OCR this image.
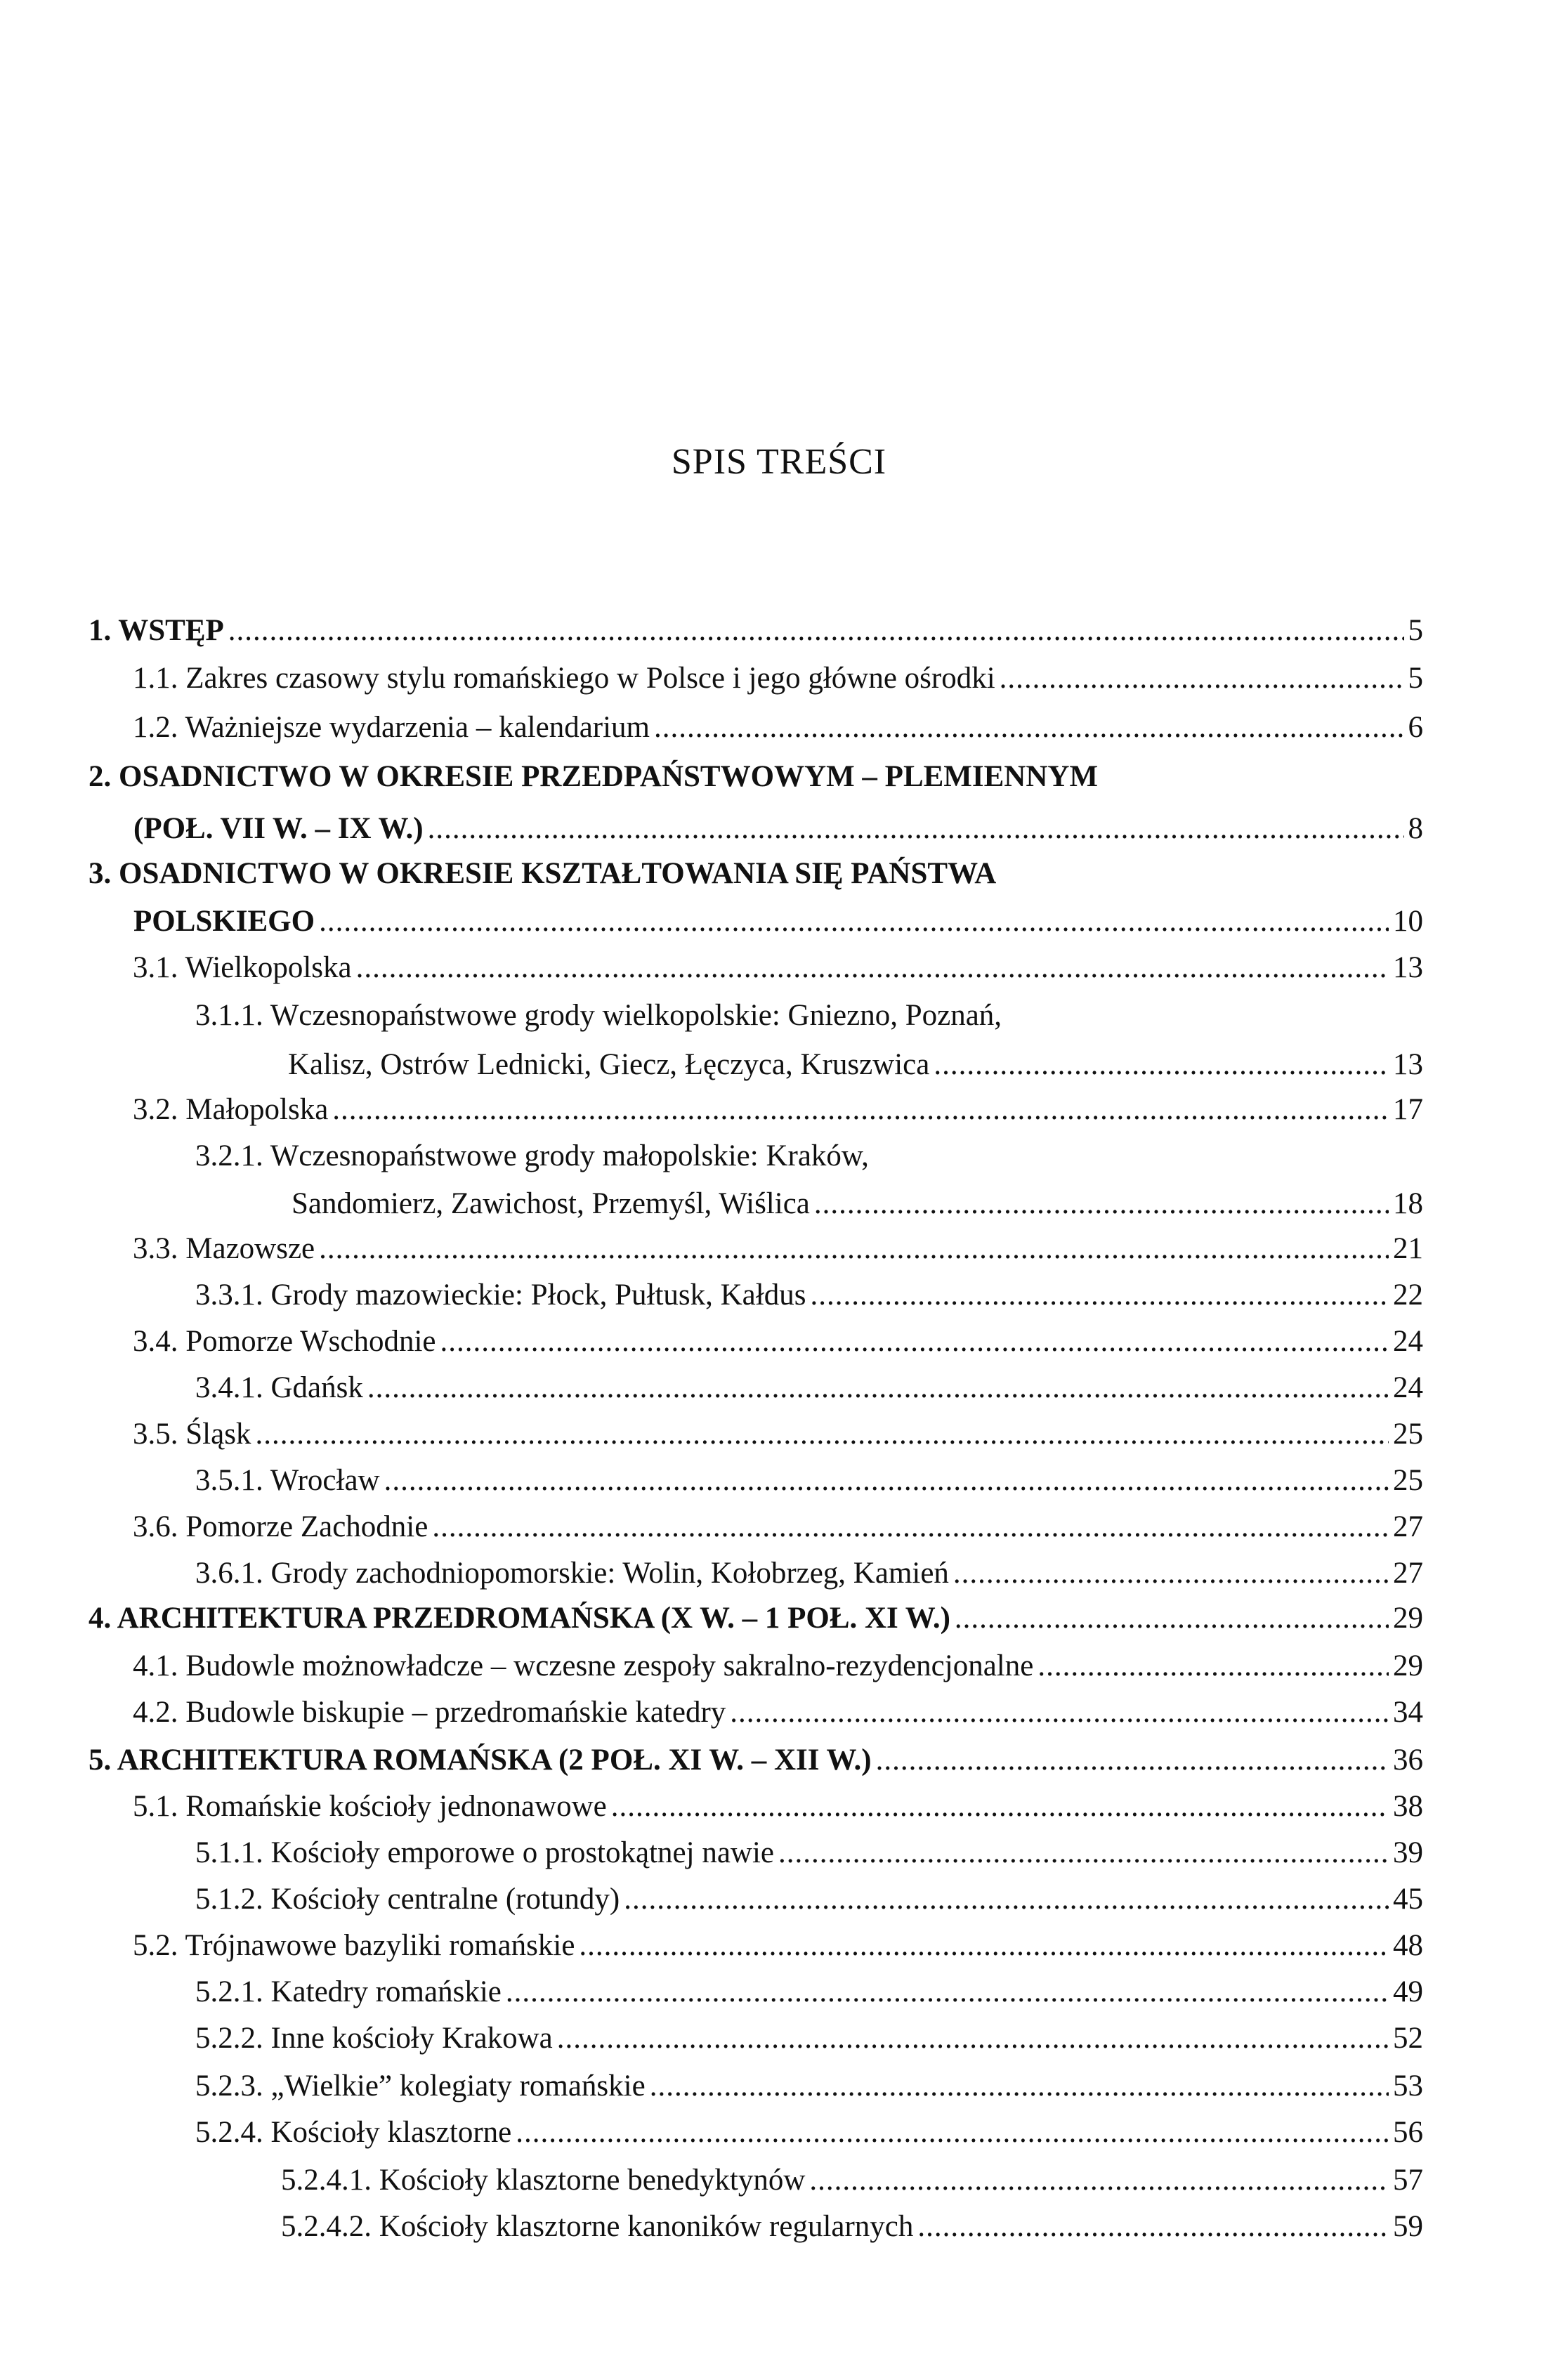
SPIS TREŚCI
1. WSTĘP .....	5
1.1. Zakres czasowy stylu romańskiego w Polsce i jego główne ośrodki .....	5
1.2. Ważniejsze wydarzenia – kalendarium .....	6
2. OSADNICTWO W OKRESIE PRZEDPAŃSTWOWYM – PLEMIENNYM
(POŁ. VII W. – IX W.) .....	8
3. OSADNICTWO W OKRESIE KSZTAŁTOWANIA SIĘ PAŃSTWA
POLSKIEGO .....	10
3.1. Wielkopolska .....	13
3.1.1. Wczesnopaństwowe grody wielkopolskie: Gniezno, Poznań,
Kalisz, Ostrów Lednicki, Giecz, Łęczyca, Kruszwica .....	13
3.2. Małopolska .....	17
3.2.1. Wczesnopaństwowe grody małopolskie: Kraków,
Sandomierz, Zawichost, Przemyśl, Wiślica .....	18
3.3. Mazowsze .....	21
3.3.1. Grody mazowieckie: Płock, Pułtusk, Kałdus .....	22
3.4. Pomorze Wschodnie .....	24
3.4.1. Gdańsk .....	24
3.5. Śląsk .....	25
3.5.1. Wrocław .....	25
3.6. Pomorze Zachodnie .....	27
3.6.1. Grody zachodniopomorskie: Wolin, Kołobrzeg, Kamień .....	27
4. ARCHITEKTURA PRZEDROMAŃSKA (X W. – 1 POŁ. XI W.) .....	29
4.1. Budowle możnowładcze – wczesne zespoły sakralno-rezydencjonalne .....	29
4.2. Budowle biskupie – przedromańskie katedry .....	34
5. ARCHITEKTURA ROMAŃSKA (2 POŁ. XI W. – XII W.) .....	36
5.1. Romańskie kościoły jednonawowe .....	38
5.1.1. Kościoły emporowe o prostokątnej nawie .....	39
5.1.2. Kościoły centralne (rotundy) .....	45
5.2. Trójnawowe bazyliki romańskie .....	48
5.2.1. Katedry romańskie .....	49
5.2.2. Inne kościoły Krakowa .....	52
5.2.3. „Wielkie” kolegiaty romańskie .....	53
5.2.4. Kościoły klasztorne .....	56
5.2.4.1. Kościoły klasztorne benedyktynów .....	57
5.2.4.2. Kościoły klasztorne kanoników regularnych .....	59
